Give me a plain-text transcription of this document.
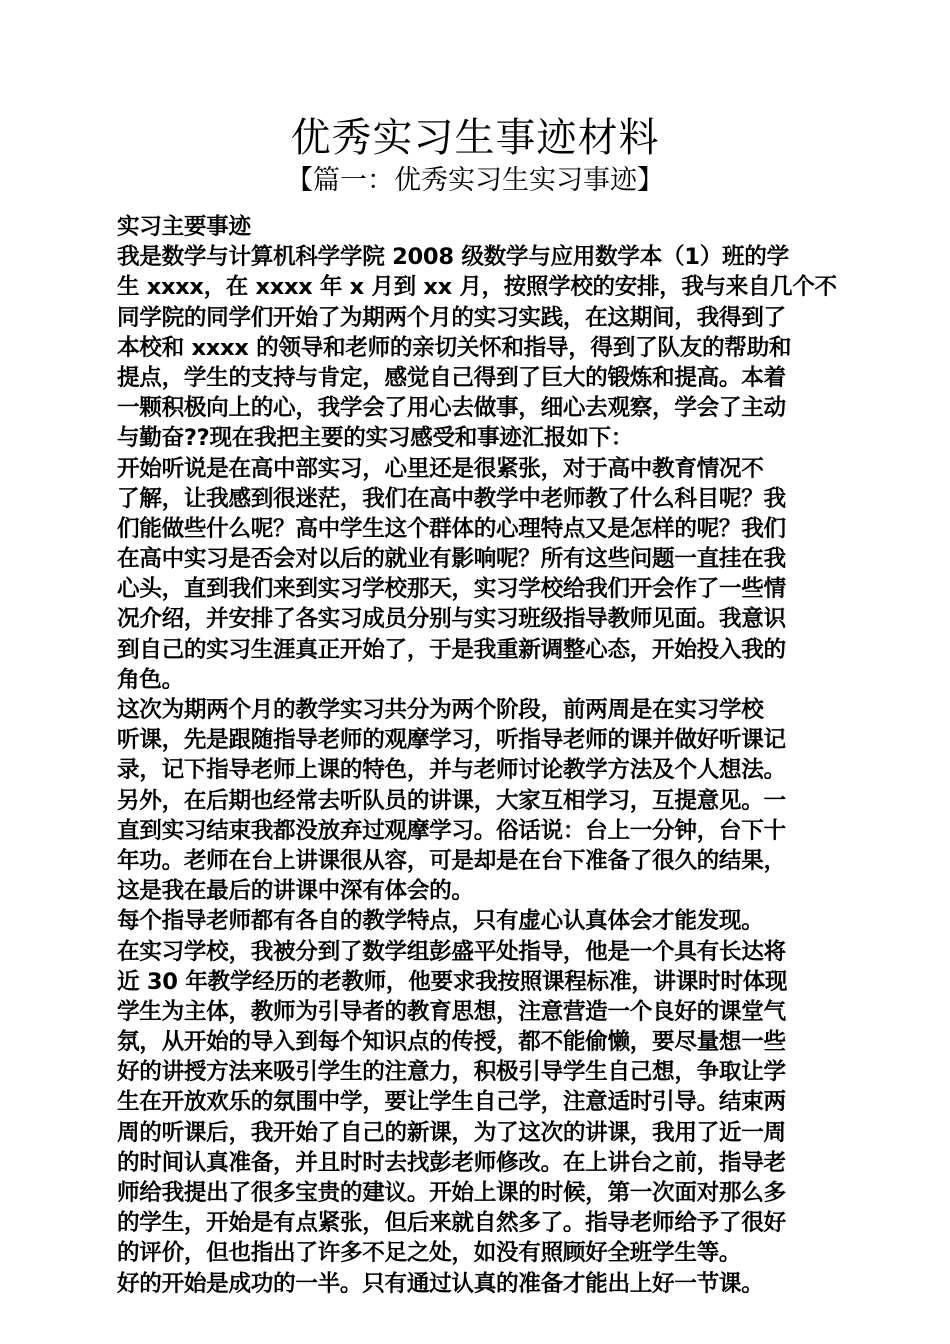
优秀实习生事迹材料
【篇一：优秀实习生实习事迹】
实习主要事迹
我是数学与计算机科学学院 2008 级数学与应用数学本（1）班的学
生 xxxx，在 xxxx 年 x 月到 xx 月，按照学校的安排，我与来自几个不
同学院的同学们开始了为期两个月的实习实践，在这期间，我得到了
本校和 xxxx 的领导和老师的亲切关怀和指导，得到了队友的帮助和
提点，学生的支持与肯定，感觉自己得到了巨大的锻炼和提高。本着
一颗积极向上的心，我学会了用心去做事，细心去观察，学会了主动
与勤奋??现在我把主要的实习感受和事迹汇报如下：
开始听说是在高中部实习，心里还是很紧张，对于高中教育情况不
了解，让我感到很迷茫，我们在高中教学中老师教了什么科目呢？我
们能做些什么呢？高中学生这个群体的心理特点又是怎样的呢？我们
在高中实习是否会对以后的就业有影响呢？所有这些问题一直挂在我
心头，直到我们来到实习学校那天，实习学校给我们开会作了一些情
况介绍，并安排了各实习成员分别与实习班级指导教师见面。我意识
到自己的实习生涯真正开始了，于是我重新调整心态，开始投入我的
角色。
这次为期两个月的教学实习共分为两个阶段，前两周是在实习学校
听课，先是跟随指导老师的观摩学习，听指导老师的课并做好听课记
录，记下指导老师上课的特色，并与老师讨论教学方法及个人想法。
另外，在后期也经常去听队员的讲课，大家互相学习，互提意见。一
直到实习结束我都没放弃过观摩学习。俗话说：台上一分钟，台下十
年功。老师在台上讲课很从容，可是却是在台下准备了很久的结果，
这是我在最后的讲课中深有体会的。
每个指导老师都有各自的教学特点，只有虚心认真体会才能发现。
在实习学校，我被分到了数学组彭盛平处指导，他是一个具有长达将
近 30 年教学经历的老教师，他要求我按照课程标准，讲课时时体现
学生为主体，教师为引导者的教育思想，注意营造一个良好的课堂气
氛，从开始的导入到每个知识点的传授，都不能偷懒，要尽量想一些
好的讲授方法来吸引学生的注意力，积极引导学生自己想，争取让学
生在开放欢乐的氛围中学，要让学生自己学，注意适时引导。结束两
周的听课后，我开始了自己的新课，为了这次的讲课，我用了近一周
的时间认真准备，并且时时去找彭老师修改。在上讲台之前，指导老
师给我提出了很多宝贵的建议。开始上课的时候，第一次面对那么多
的学生，开始是有点紧张，但后来就自然多了。指导老师给予了很好
的评价，但也指出了许多不足之处，如没有照顾好全班学生等。
好的开始是成功的一半。只有通过认真的准备才能出上好一节课。
